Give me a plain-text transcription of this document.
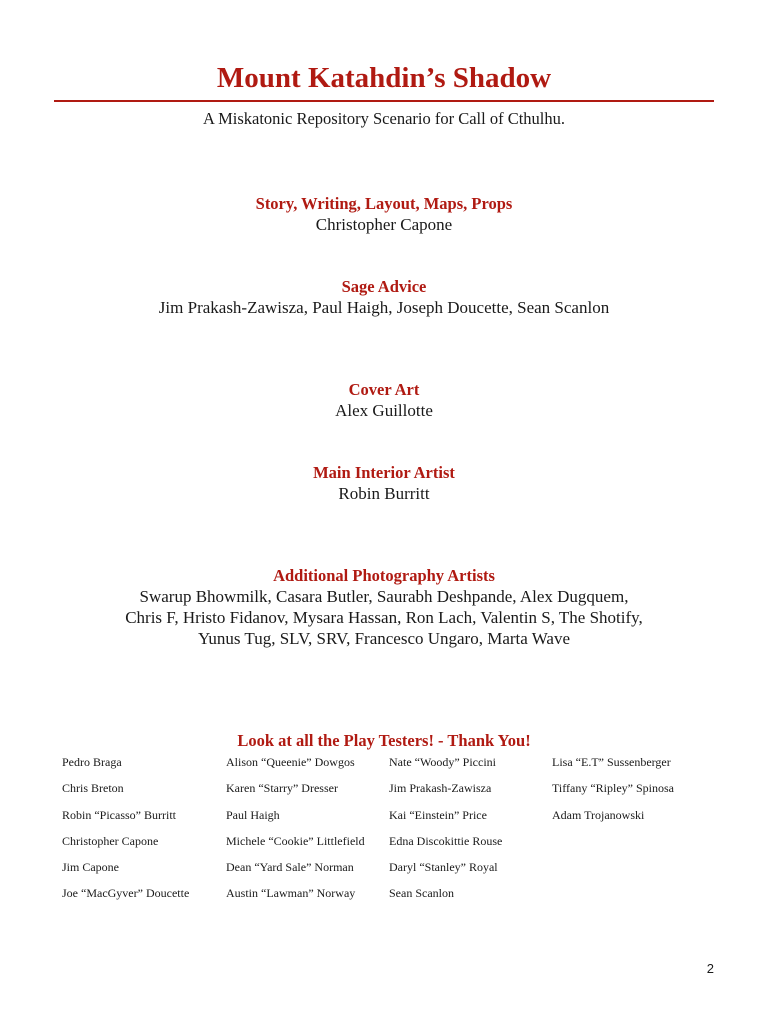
Mount Katahdin’s Shadow
A Miskatonic Repository Scenario for Call of Cthulhu.
Story, Writing, Layout, Maps, Props
Christopher Capone
Sage Advice
Jim Prakash-Zawisza, Paul Haigh, Joseph Doucette, Sean Scanlon
Cover Art
Alex Guillotte
Main Interior Artist
Robin Burritt
Additional Photography Artists
Swarup Bhowmilk, Casara Butler, Saurabh Deshpande, Alex Dugquem,
Chris F, Hristo Fidanov, Mysara Hassan, Ron Lach, Valentin S, The Shotify,
Yunus Tug, SLV, SRV, Francesco Ungaro, Marta Wave
Look at all the Play Testers! - Thank You!
Pedro Braga
Chris Breton
Robin “Picasso” Burritt
Christopher Capone
Jim Capone
Joe “MacGyver” Doucette
Alison “Queenie” Dowgos
Karen “Starry” Dresser
Paul Haigh
Michele “Cookie” Littlefield
Dean “Yard Sale” Norman
Austin “Lawman” Norway
Nate “Woody” Piccini
Jim Prakash-Zawisza
Kai “Einstein” Price
Edna Discokittie Rouse
Daryl “Stanley” Royal
Sean Scanlon
Lisa “E.T” Sussenberger
Tiffany “Ripley” Spinosa
Adam Trojanowski
2
